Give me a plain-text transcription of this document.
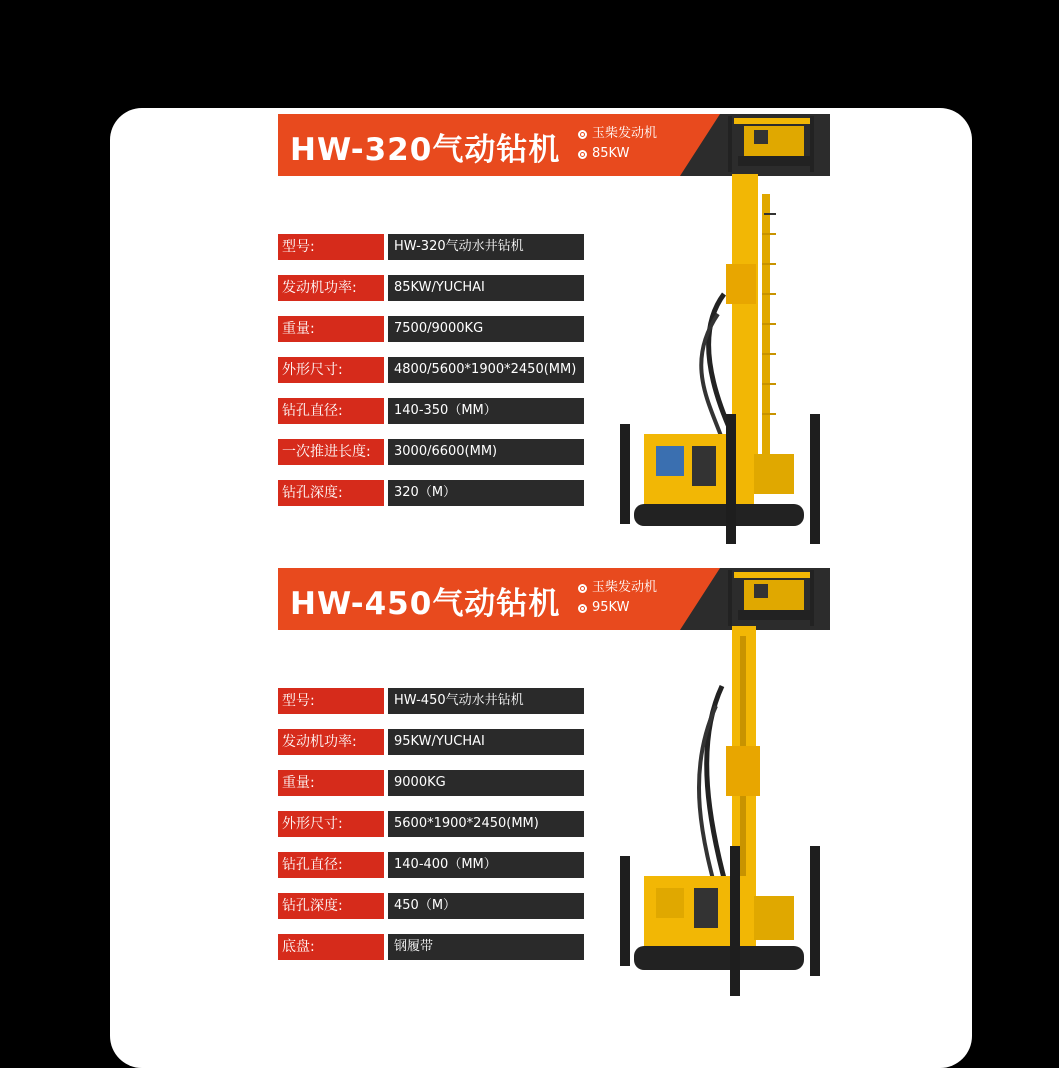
HW-320气动钻机 玉柴发动机
85KW
型号:	HW-320气动水井钻机
发动机功率:	85KW/YUCHAI
重量:	7500/9000KG
外形尺寸:	4800/5600*1900*2450(MM)
钻孔直径:	140-350（MM）
一次推进长度:	3000/6600(MM)
钻孔深度:	320（M）
HW-450气动钻机 玉柴发动机
95KW
型号:	HW-450气动水井钻机
发动机功率:	95KW/YUCHAI
重量:	9000KG
外形尺寸:	5600*1900*2450(MM)
钻孔直径:	140-400（MM）
钻孔深度:	450（M）
底盘:	钢履带
